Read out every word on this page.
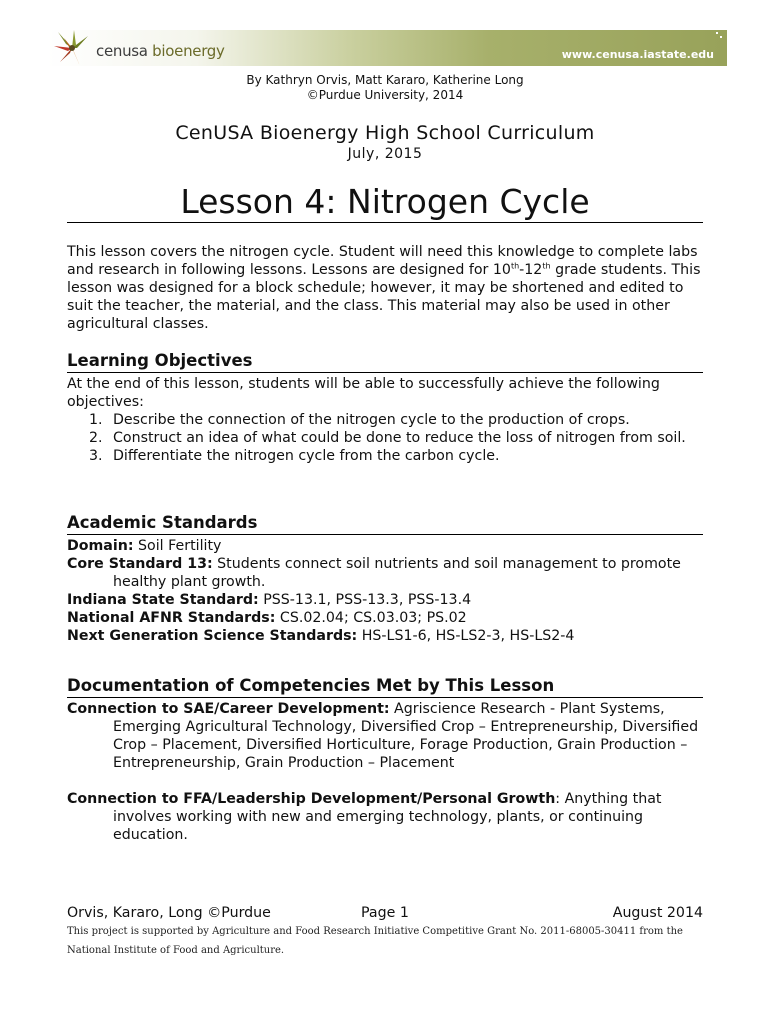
cenusa bioenergy	www.cenusa.iastate.edu
By Kathryn Orvis, Matt Kararo, Katherine Long
©Purdue University, 2014
CenUSA Bioenergy High School Curriculum
July, 2015
Lesson 4: Nitrogen Cycle
This lesson covers the nitrogen cycle. Student will need this knowledge to complete labs and research in following lessons. Lessons are designed for 10th-12th grade students. This lesson was designed for a block schedule; however, it may be shortened and edited to suit the teacher, the material, and the class. This material may also be used in other agricultural classes.
Learning Objectives
At the end of this lesson, students will be able to successfully achieve the following objectives:
1. Describe the connection of the nitrogen cycle to the production of crops.
2. Construct an idea of what could be done to reduce the loss of nitrogen from soil.
3. Differentiate the nitrogen cycle from the carbon cycle.
Academic Standards
Domain: Soil Fertility
Core Standard 13: Students connect soil nutrients and soil management to promote healthy plant growth.
Indiana State Standard: PSS-13.1, PSS-13.3, PSS-13.4
National AFNR Standards: CS.02.04; CS.03.03; PS.02
Next Generation Science Standards: HS-LS1-6, HS-LS2-3, HS-LS2-4
Documentation of Competencies Met by This Lesson
Connection to SAE/Career Development: Agriscience Research - Plant Systems, Emerging Agricultural Technology, Diversified Crop – Entrepreneurship, Diversified Crop – Placement, Diversified Horticulture, Forage Production, Grain Production – Entrepreneurship, Grain Production – Placement
Connection to FFA/Leadership Development/Personal Growth: Anything that involves working with new and emerging technology, plants, or continuing education.
Orvis, Kararo, Long ©Purdue	Page 1	August 2014
This project is supported by Agriculture and Food Research Initiative Competitive Grant No. 2011-68005-30411 from the National Institute of Food and Agriculture.
